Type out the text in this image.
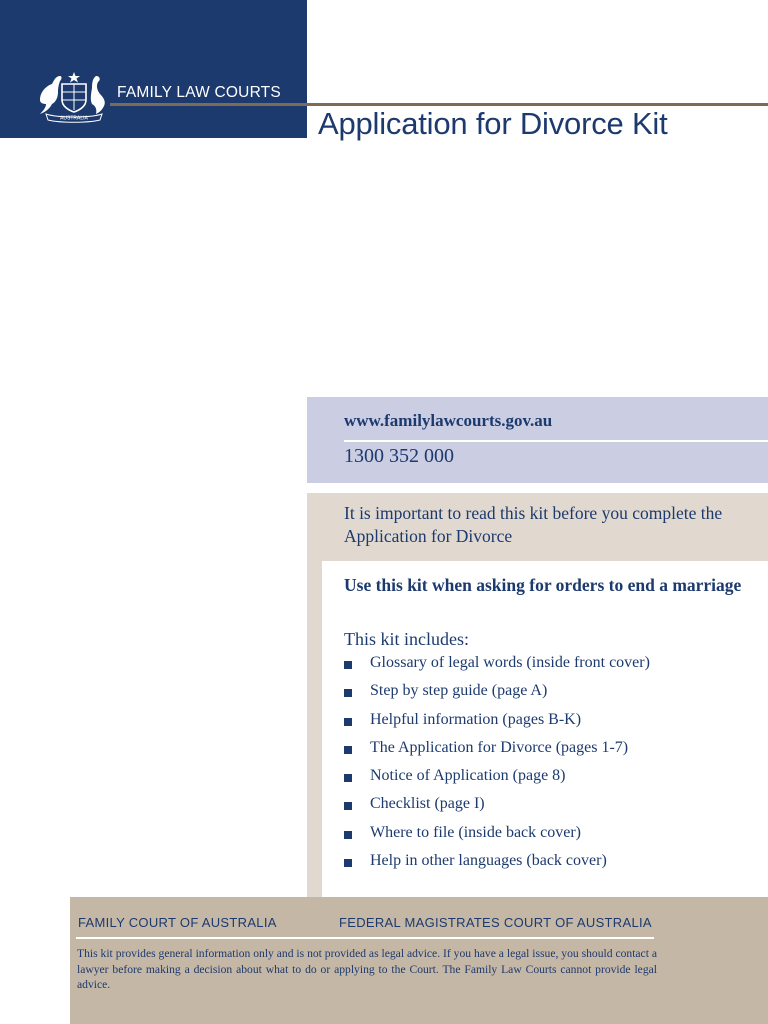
AUSTRALIA
FAMILY LAW COURTS
Application for Divorce Kit
www.familylawcourts.gov.au
1300 352 000

It is important to read this kit before you complete the Application for Divorce

Use this kit when asking for orders to end a marriage

This kit includes:
Glossary of legal words (inside front cover)
Step by step guide (page A)
Helpful information (pages B-K)
The Application for Divorce (pages 1-7)
Notice of Application (page 8)
Checklist (page I)
Where to file (inside back cover)
Help in other languages (back cover)
FAMILY COURT OF AUSTRALIA	FEDERAL MAGISTRATES COURT OF AUSTRALIA

This kit provides general information only and is not provided as legal advice. If you have a legal issue, you should contact a lawyer before making a decision about what to do or applying to the Court. The Family Law Courts cannot provide legal advice.
